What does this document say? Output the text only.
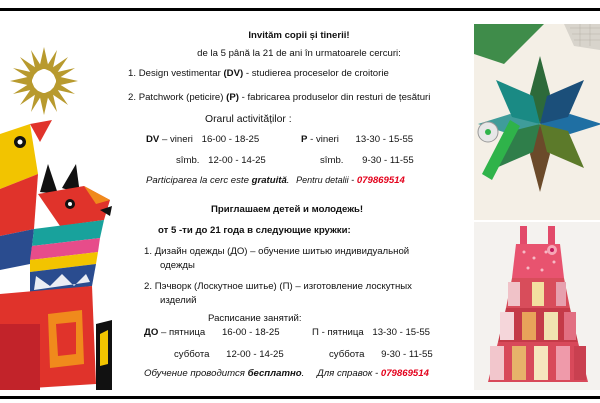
Invităm copii și tinerii!
de la 5 până la 21 de ani în urmatoarele cercuri:
1. Design vestimentar (DV) - studierea proceselor de croitorie
2. Patchwork (peticire) (P) - fabricarea produselor din resturi de țesături
Orarul activităților :
DV – vineri 16-00 - 18-25	P - vineri 13-30 - 15-55
sîmb. 12-00 - 14-25	sîmb. 9-30 - 11-55
Participarea la cerc este gratuită. Pentru detalii - 079869514
Приглашаем детей и молодежь!
от 5 -ти до 21 года в следующие кружки:
1. Дизайн одежды (ДО) – обучение шитью индивидуальной
одежды
2. Пэчворк (Лоскутное шитье) (П) – изготовление лоскутных
изделий
Расписание занятий:
ДО – пятница 16-00 - 18-25	П - пятница 13-30 - 15-55
суббота 12-00 - 14-25	суббота 9-30 - 11-55
Обучение проводится бесплатно. Для справок - 079869514
